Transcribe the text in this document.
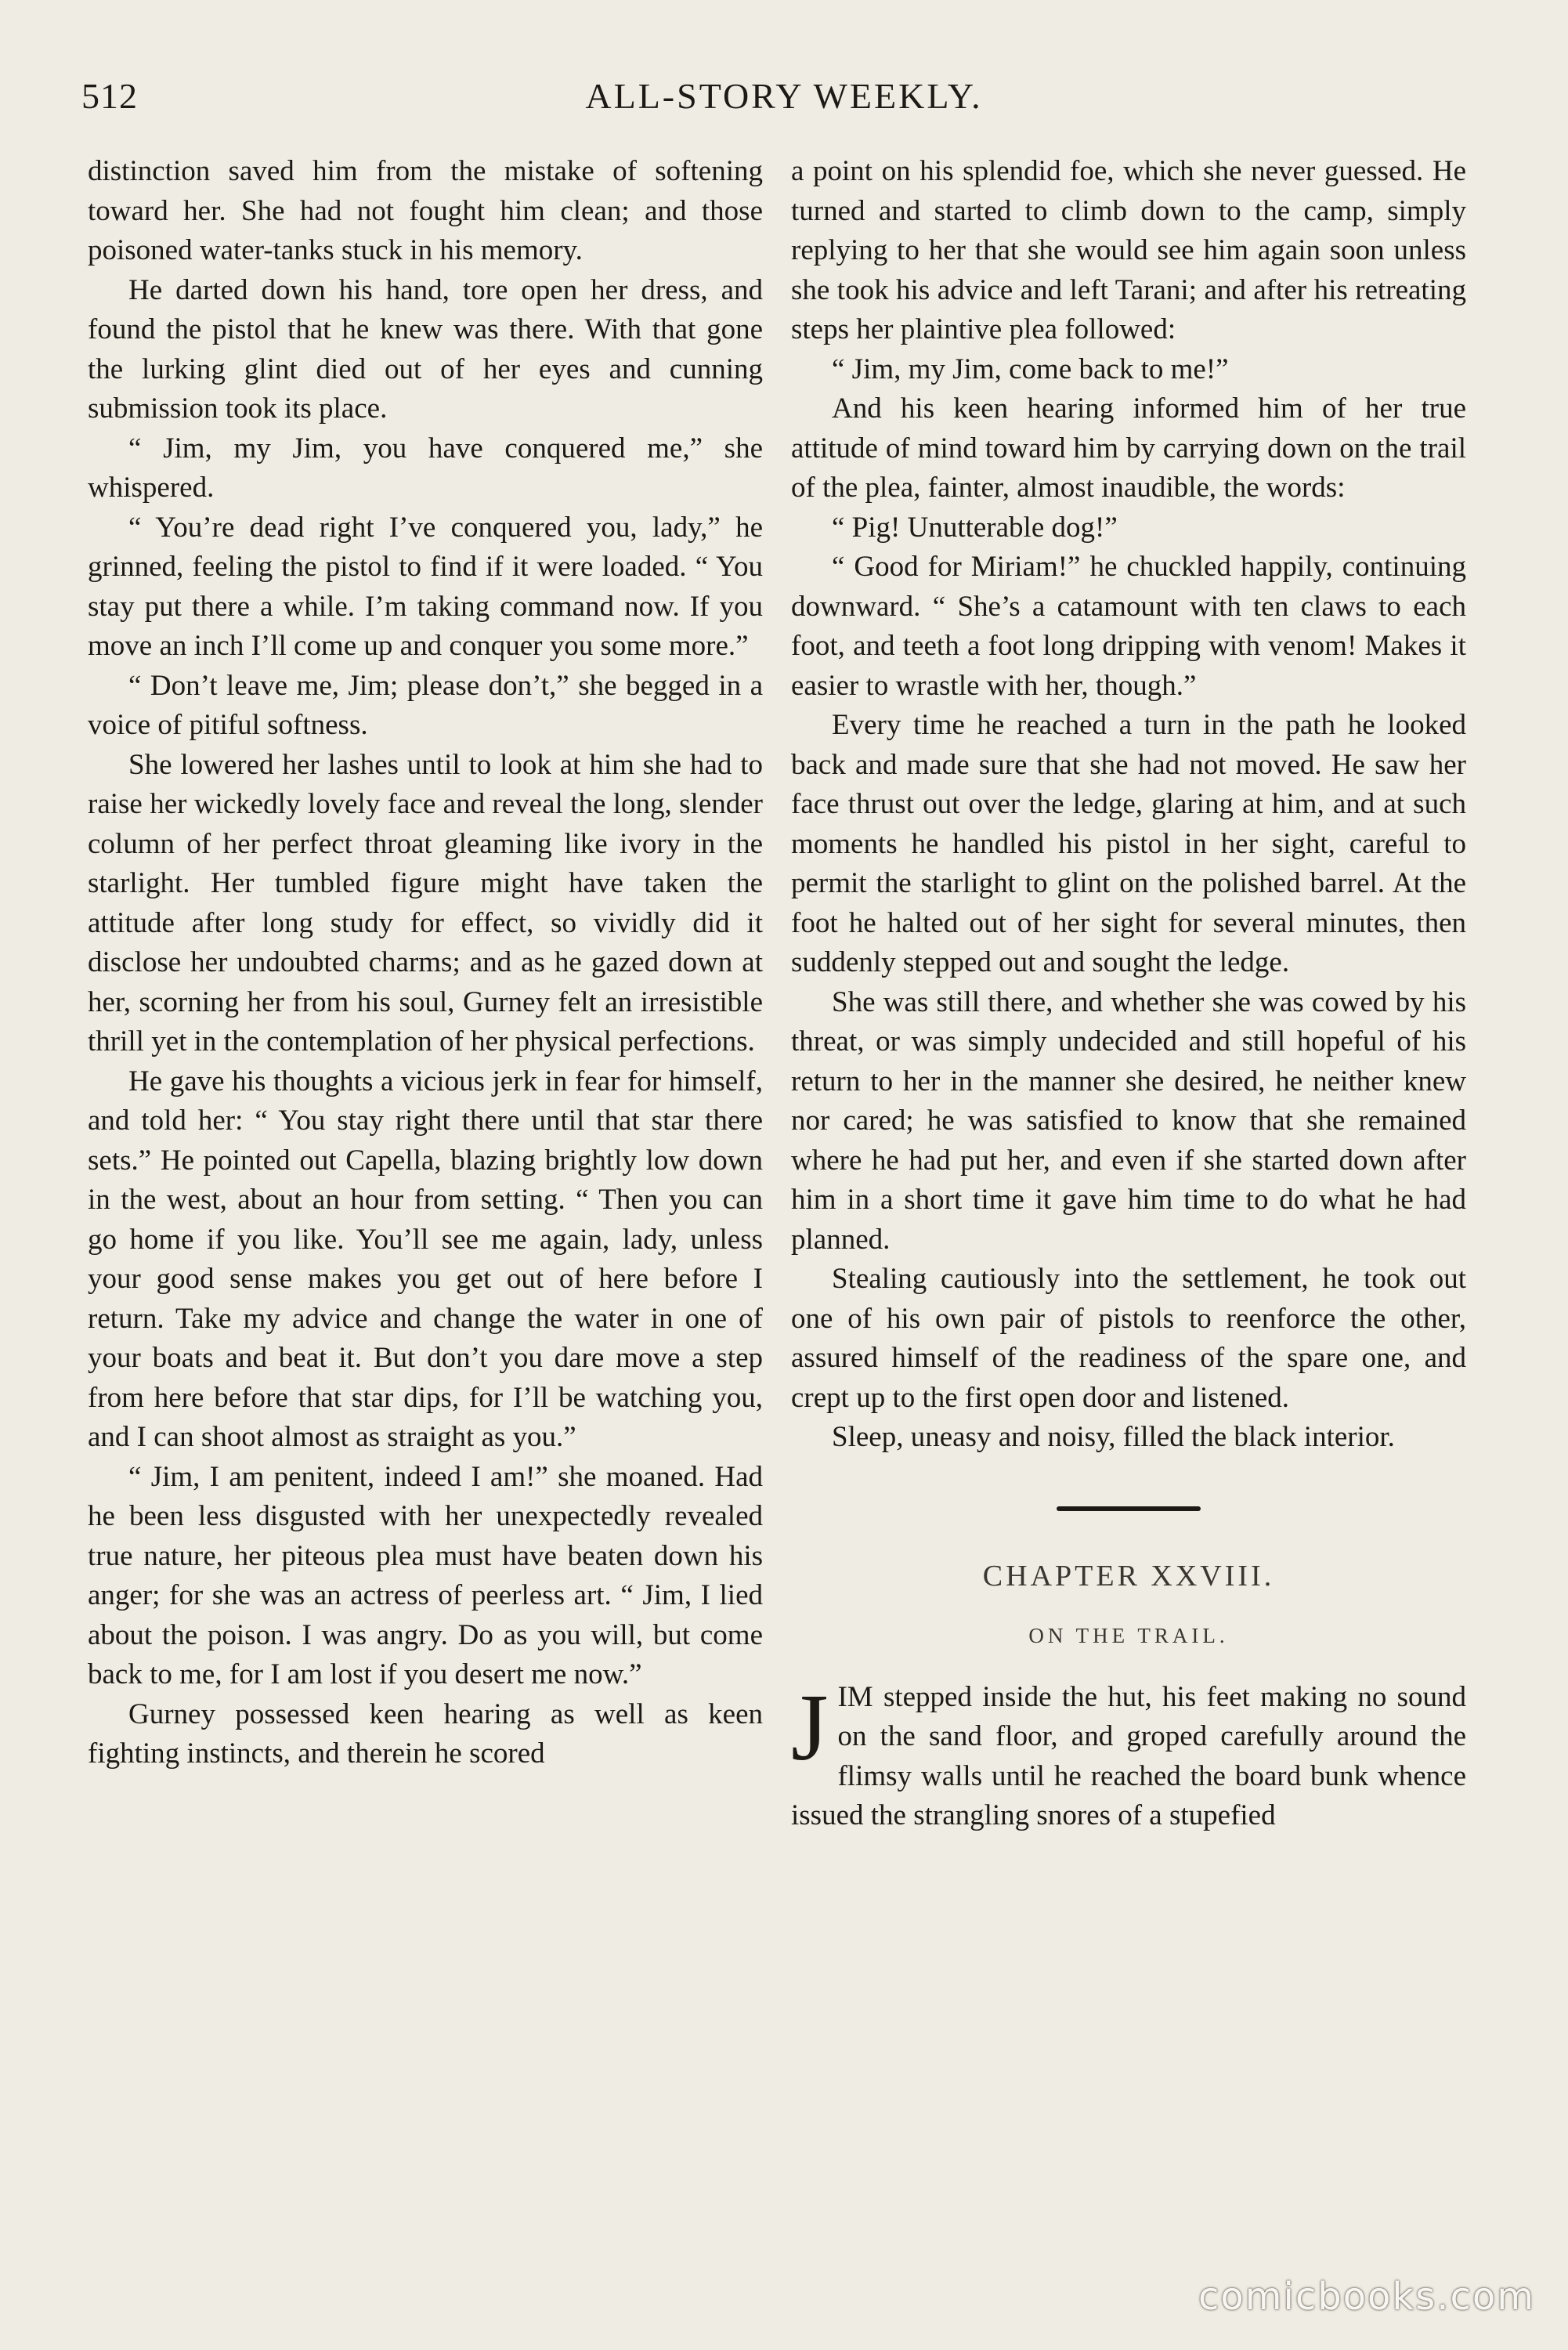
512	ALL-STORY WEEKLY.

distinction saved him from the mistake of softening toward her. She had not fought him clean; and those poisoned water-tanks stuck in his memory.

He darted down his hand, tore open her dress, and found the pistol that he knew was there. With that gone the lurking glint died out of her eyes and cunning submission took its place.

“ Jim, my Jim, you have conquered me,” she whispered.

“ You’re dead right I’ve conquered you, lady,” he grinned, feeling the pistol to find if it were loaded. “ You stay put there a while. I’m taking command now. If you move an inch I’ll come up and conquer you some more.”

“ Don’t leave me, Jim; please don’t,” she begged in a voice of pitiful softness.

She lowered her lashes until to look at him she had to raise her wickedly lovely face and reveal the long, slender column of her perfect throat gleaming like ivory in the starlight. Her tumbled figure might have taken the attitude after long study for effect, so vividly did it disclose her undoubted charms; and as he gazed down at her, scorning her from his soul, Gurney felt an irresistible thrill yet in the contemplation of her physical perfections.

He gave his thoughts a vicious jerk in fear for himself, and told her: “ You stay right there until that star there sets.” He pointed out Capella, blazing brightly low down in the west, about an hour from setting. “ Then you can go home if you like. You’ll see me again, lady, unless your good sense makes you get out of here before I return. Take my advice and change the water in one of your boats and beat it. But don’t you dare move a step from here before that star dips, for I’ll be watching you, and I can shoot almost as straight as you.”

“ Jim, I am penitent, indeed I am!” she moaned. Had he been less disgusted with her unexpectedly revealed true nature, her piteous plea must have beaten down his anger; for she was an actress of peerless art. “ Jim, I lied about the poison. I was angry. Do as you will, but come back to me, for I am lost if you desert me now.”

Gurney possessed keen hearing as well as keen fighting instincts, and therein he scored

a point on his splendid foe, which she never guessed. He turned and started to climb down to the camp, simply replying to her that she would see him again soon unless she took his advice and left Tarani; and after his retreating steps her plaintive plea followed:

“ Jim, my Jim, come back to me!”

And his keen hearing informed him of her true attitude of mind toward him by carrying down on the trail of the plea, fainter, almost inaudible, the words:

“ Pig! Unutterable dog!”

“ Good for Miriam!” he chuckled happily, continuing downward. “ She’s a catamount with ten claws to each foot, and teeth a foot long dripping with venom! Makes it easier to wrastle with her, though.”

Every time he reached a turn in the path he looked back and made sure that she had not moved. He saw her face thrust out over the ledge, glaring at him, and at such moments he handled his pistol in her sight, careful to permit the starlight to glint on the polished barrel. At the foot he halted out of her sight for several minutes, then suddenly stepped out and sought the ledge.

She was still there, and whether she was cowed by his threat, or was simply undecided and still hopeful of his return to her in the manner she desired, he neither knew nor cared; he was satisfied to know that she remained where he had put her, and even if she started down after him in a short time it gave him time to do what he had planned.

Stealing cautiously into the settlement, he took out one of his own pair of pistols to reenforce the other, assured himself of the readiness of the spare one, and crept up to the first open door and listened.

Sleep, uneasy and noisy, filled the black interior.

CHAPTER XXVIII.
ON THE TRAIL.

JIM stepped inside the hut, his feet making no sound on the sand floor, and groped carefully around the flimsy walls until he reached the board bunk whence issued the strangling snores of a stupefied

comicbooks.com
